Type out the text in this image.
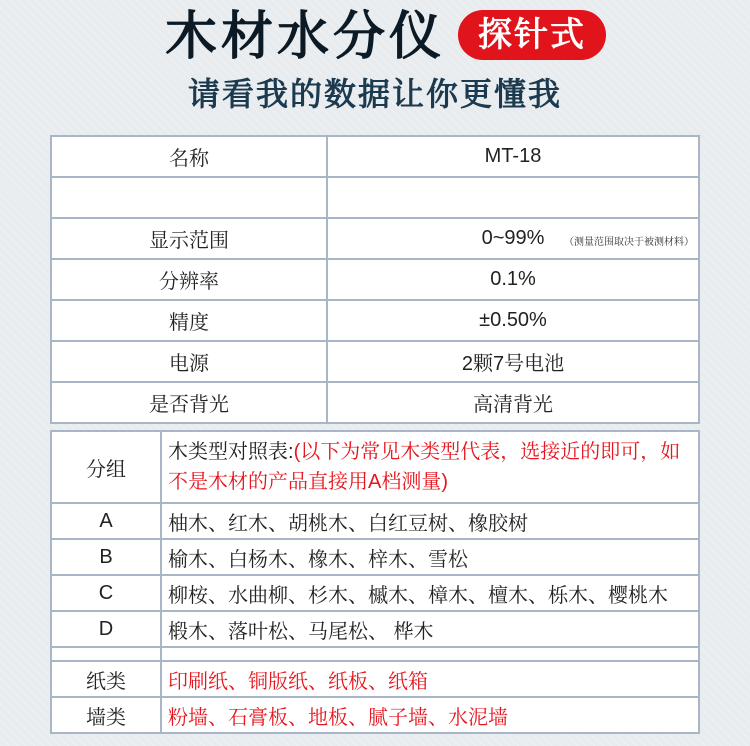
木材水分仪 探针式
请看我的数据让你更懂我
名称	MT-18

显示范围	0~99% （测量范围取决于被测材料）

分辨率	0.1%
精度	±0.50%
电源	2颗7号电池
是否背光	高清背光
分组	木类型对照表:(以下为常见木类型代表，选接近的即可，如不是木材的产品直接用A档测量)
A	柚木、红木、胡桃木、白红豆树、橡胶树
B	榆木、白杨木、橡木、梓木、雪松
C	柳桉、水曲柳、杉木、槭木、樟木、檀木、栎木、樱桃木
D	椴木、落叶松、马尾松、 桦木

纸类	印刷纸、铜版纸、纸板、纸箱
墙类	粉墙、石膏板、地板、腻子墙、水泥墙
